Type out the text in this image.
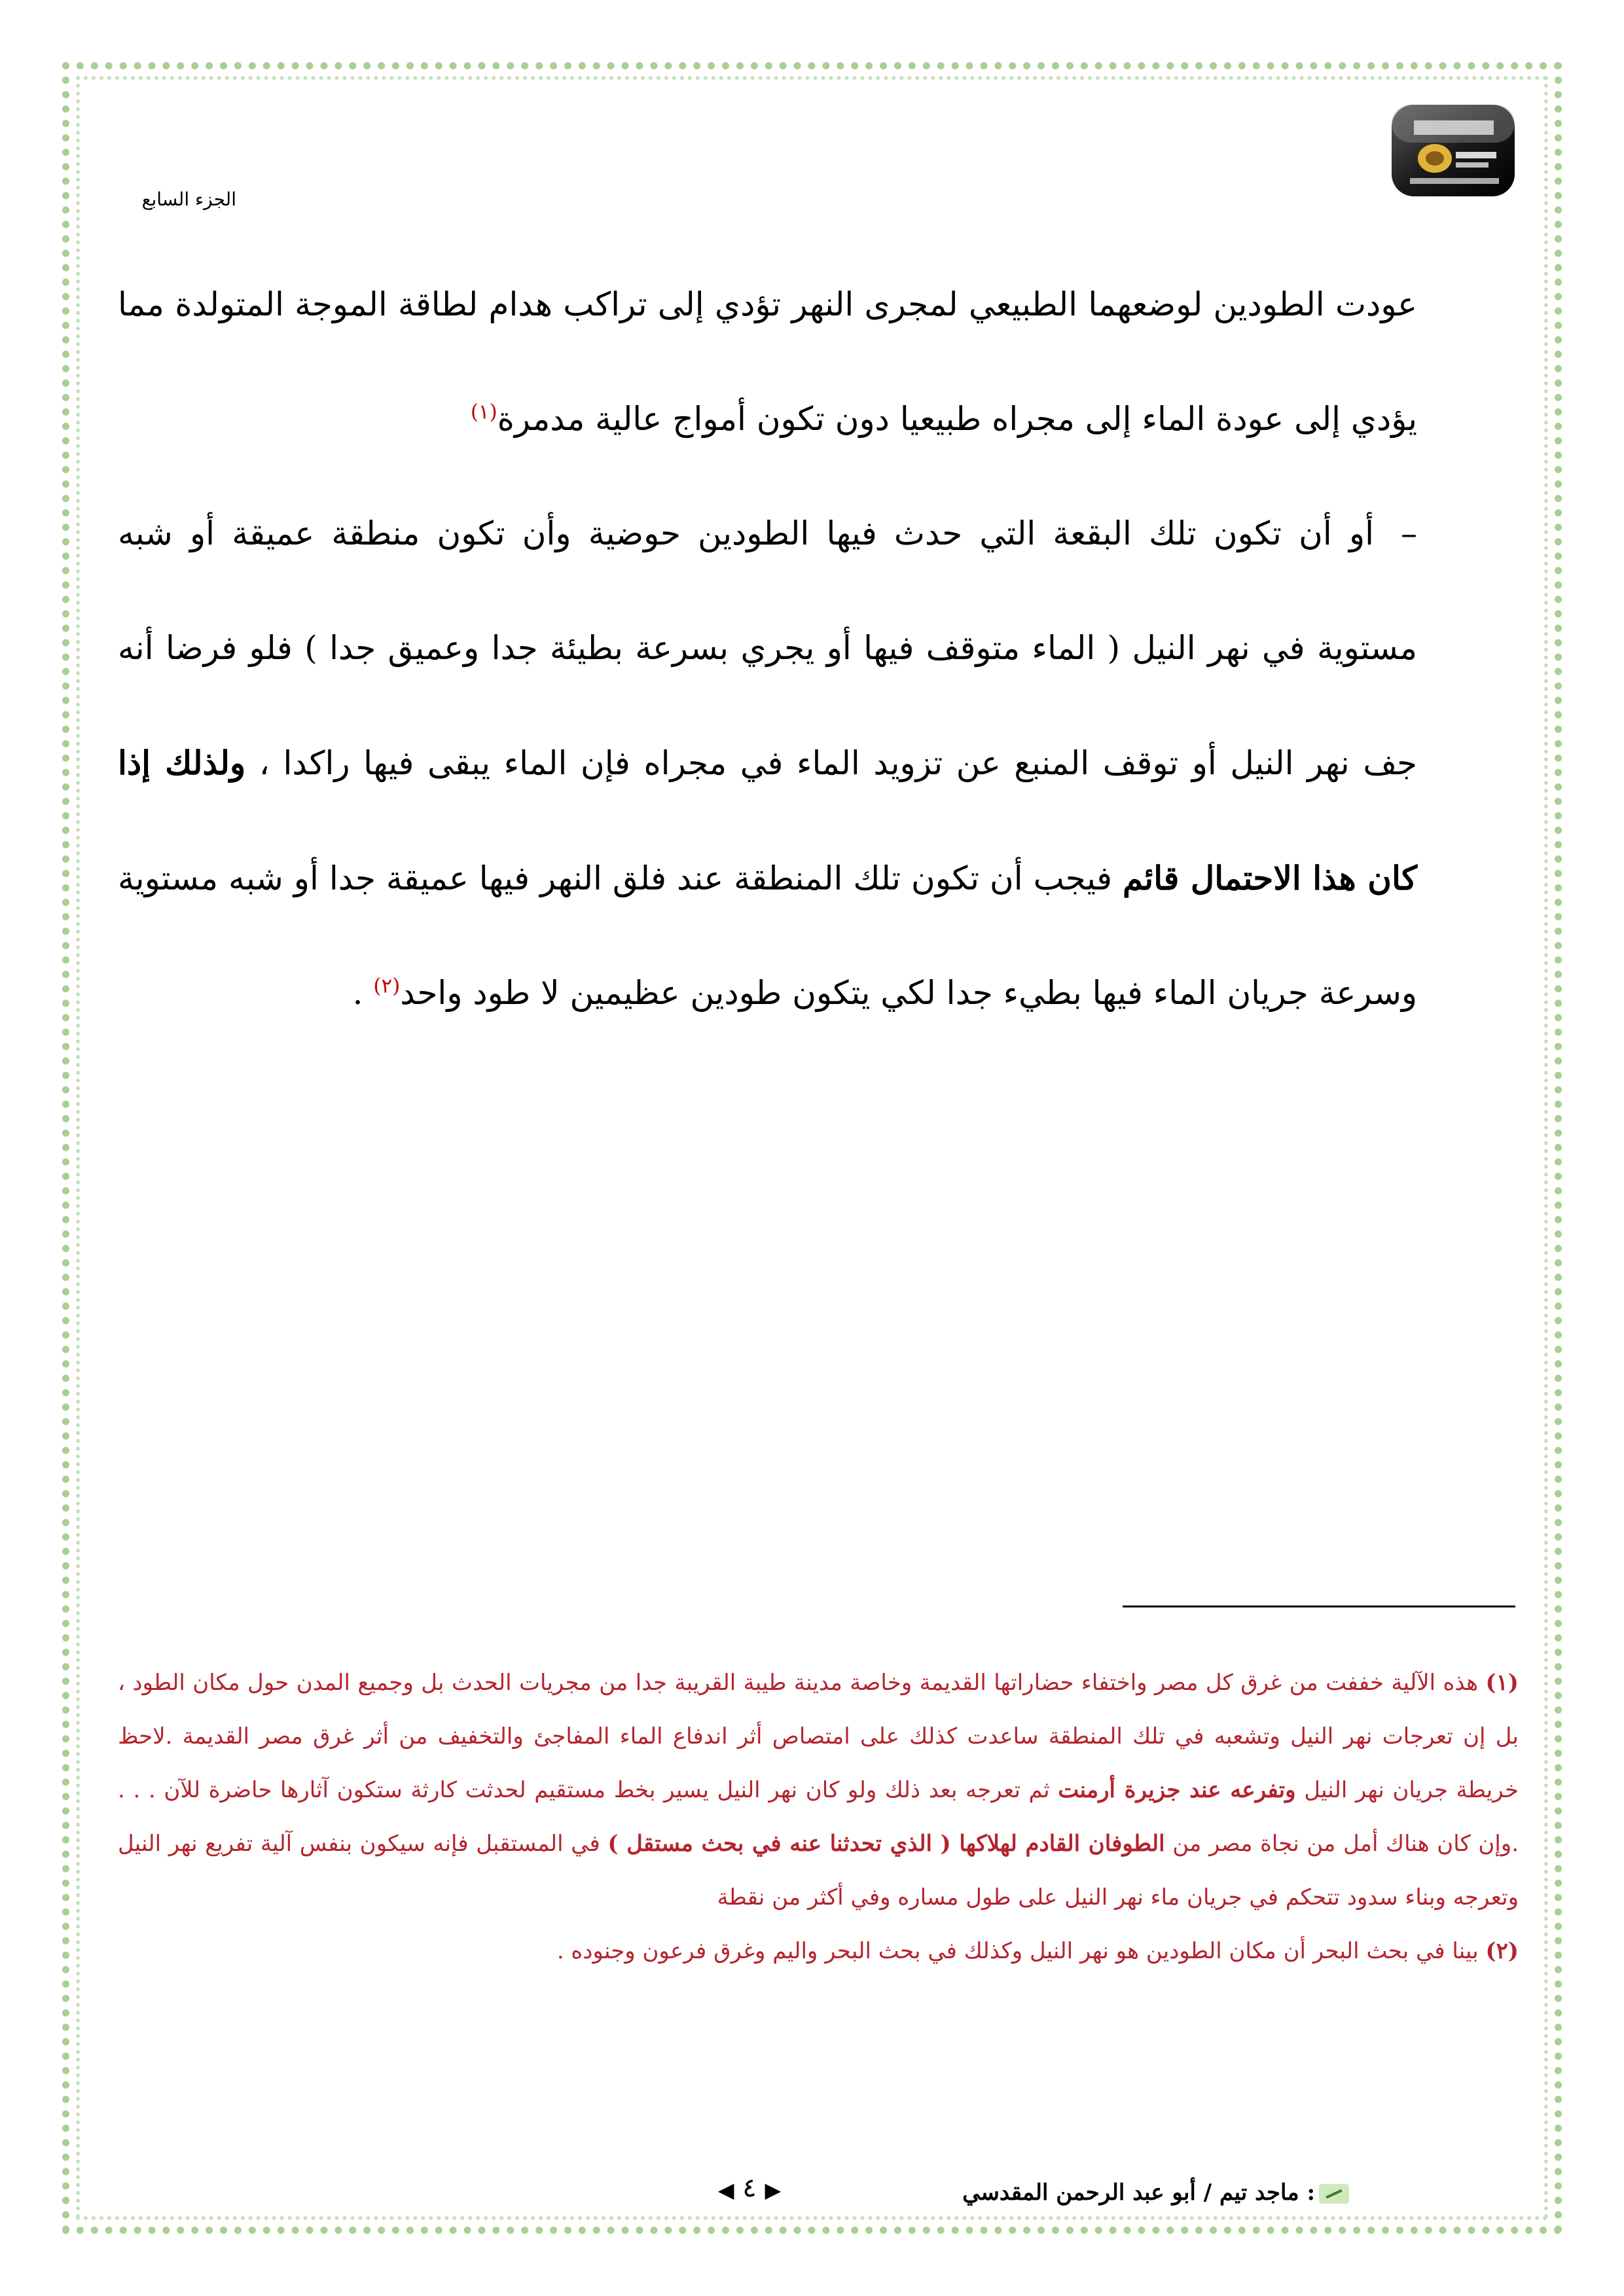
الجزء السابع

عودت الطودين لوضعهما الطبيعي لمجرى النهر تؤدي إلى تراكب هدام لطاقة الموجة المتولدة مما يؤدي إلى عودة الماء إلى مجراه طبيعيا دون تكون أمواج عالية مدمرة$^{(١)}$

–أو أن تكون تلك البقعة التي حدث فيها الطودين حوضية وأن تكون منطقة عميقة أو شبه مستوية في نهر النيل ( الماء متوقف فيها أو يجري بسرعة بطيئة جدا وعميق جدا ) فلو فرضا أنه جف نهر النيل أو توقف المنبع عن تزويد الماء في مجراه فإن الماء يبقى فيها راكدا ، ولذلك إذا كان هذا الاحتمال قائم فيجب أن تكون تلك المنطقة عند فلق النهر فيها عميقة جدا أو شبه مستوية وسرعة جريان الماء فيها بطيء جدا لكي يتكون طودين عظيمين لا طود واحد$^{(٢)}$ .

(١) هذه الآلية خففت من غرق كل مصر واختفاء حضاراتها القديمة وخاصة مدينة طيبة القريبة جدا من مجريات الحدث بل وجميع المدن حول مكان الطود ، بل إن تعرجات نهر النيل وتشعبه في تلك المنطقة ساعدت كذلك على امتصاص أثر اندفاع الماء المفاجئ والتخفيف من أثر غرق مصر القديمة .لاحظ خريطة جريان نهر النيل وتفرعه عند جزيرة أرمنت ثم تعرجه بعد ذلك ولو كان نهر النيل يسير بخط مستقيم لحدثت كارثة ستكون آثارها حاضرة للآن . . . .وإن كان هناك أمل من نجاة مصر من الطوفان القادم لهلاكها ( الذي تحدثنا عنه في بحث مستقل ) في المستقبل فإنه سيكون بنفس آلية تفريع نهر النيل وتعرجه وبناء سدود تتحكم في جريان ماء نهر النيل على طول مساره وفي أكثر من نقطة

(٢) بينا في بحث البحر أن مكان الطودين هو نهر النيل وكذلك في بحث البحر واليم وغرق فرعون وجنوده .

▶ ٤ ◀	: ماجد تيم / أبو عبد الرحمن المقدسي
